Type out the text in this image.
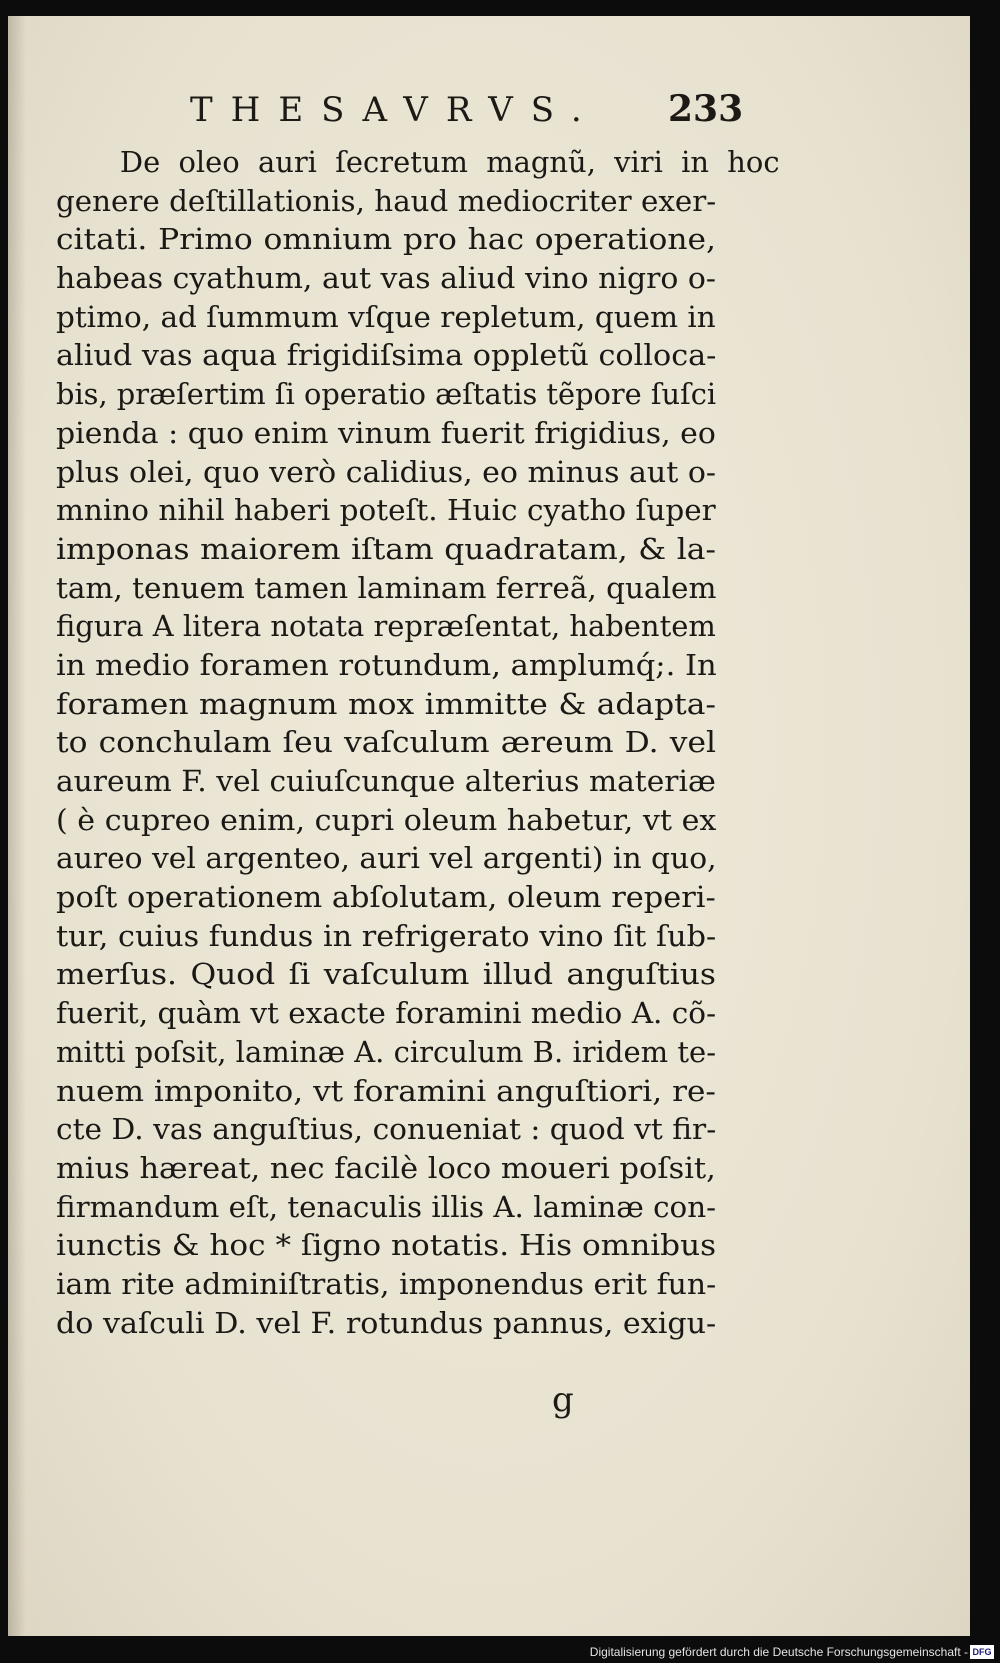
THESAVRVS. 233
De oleo auri ſecretum magnũ, viri in hoc
genere deſtillationis, haud mediocriter exer-
citati. Primo omnium pro hac operatione,
habeas cyathum, aut vas aliud vino nigro o-
ptimo, ad ſummum vſque repletum, quem in
aliud vas aqua frigidiſsima oppletũ colloca-
bis, præſertim ſi operatio æſtatis tẽpore ſuſci
pienda : quo enim vinum fuerit frigidius, eo
plus olei, quo verò calidius, eo minus aut o-
mnino nihil haberi poteſt. Huic cyatho ſuper
imponas maiorem iſtam quadratam, & la-
tam, tenuem tamen laminam ferreã, qualem
figura A litera notata repræſentat, habentem
in medio foramen rotundum, amplumq́;. In
foramen magnum mox immitte & adapta-
to conchulam ſeu vaſculum æreum D. vel
aureum F. vel cuiuſcunque alterius materiæ
( è cupreo enim, cupri oleum habetur, vt ex
aureo vel argenteo, auri vel argenti) in quo,
poſt operationem abſolutam, oleum reperi-
tur, cuius fundus in refrigerato vino ſit ſub-
merſus. Quod ſi vaſculum illud anguſtius
fuerit, quàm vt exacte foramini medio A. cõ-
mitti poſsit, laminæ A. circulum B. iridem te-
nuem imponito, vt foramini anguſtiori, re-
cte D. vas anguſtius, conueniat : quod vt fir-
mius hæreat, nec facilè loco moueri poſsit,
firmandum eſt, tenaculis illis A. laminæ con-
iunctis & hoc * ſigno notatis. His omnibus
iam rite adminiſtratis, imponendus erit fun-
do vaſculi D. vel F. rotundus pannus, exigu-
g
Digitalisierung gefördert durch die Deutsche Forschungsgemeinschaft - DFG
